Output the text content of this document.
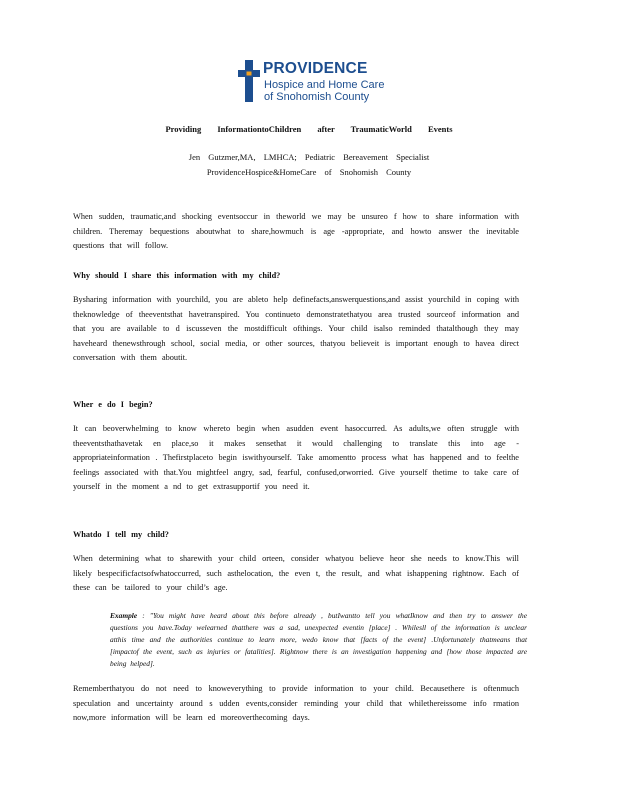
PROVIDENCE
Hospice and Home Care
of Snohomish County
Providing InformationtoChildren after TraumaticWorld Events
Jen Gutzmer,MA, LMHCA; Pediatric Bereavement Specialist
ProvidenceHospice&HomeCare of Snohomish County
When sudden, traumatic,and shocking eventsoccur in theworld we may be unsureo f how to share information with children. Theremay bequestions aboutwhat to share,howmuch is age -appropriate, and howto answer the inevitable questions that will follow.
Why should I share this information with my child?
Bysharing information with yourchild, you are ableto help definefacts,answerquestions,and assist yourchild in coping with theknowledge of theeventsthat havetranspired. You continueto demonstratethatyou area trusted sourceof information and that you are available to d iscusseven the mostdifficult ofthings. Your child isalso reminded thatalthough they may haveheard thenewsthrough school, social media, or other sources, thatyou believeit is important enough to havea direct conversation with them aboutit.
Wher e do I begin?
It can beoverwhelming to know whereto begin when asudden event hasoccurred. As adults,we often struggle with theeventsthathavetak en place,so it makes sensethat it would challenging to translate this into age -appropriateinformation . Thefirstplaceto begin iswithyourself. Take amomentto process what has happened and to feelthe feelings associated with that.You mightfeel angry, sad, fearful, confused,orworried. Give yourself thetime to take care of yourself in the moment a nd to get extrasupportif you need it.
Whatdo I tell my child?
When determining what to sharewith your child orteen, consider whatyou believe heor she needs to know.This will likely bespecificfactsofwhatoccurred, such asthelocation, the even t, the result, and what ishappening rightnow. Each of these can be tailored to your child’s age.
Example : "You might have heard about this before already , butIwantto tell you whatIknow and then try to answer the questions you have.Today welearned thatthere was a sad, unexpected eventin [place] . Whilesll of the information is unclear atthis time and the authorities continue to learn more, wedo know that [facts of the event] .Unfortunately thatmeans that [impactof the event, such as injuries or fatalities]. Rightnow there is an investigation happening and [how those impacted are being helped].
Rememberthatyou do not need to knoweverything to provide information to your child. Becausethere is oftenmuch speculation and uncertainty around s udden events,consider reminding your child that whilethereissome info rmation now,more information will be learn ed moreoverthecoming days.
